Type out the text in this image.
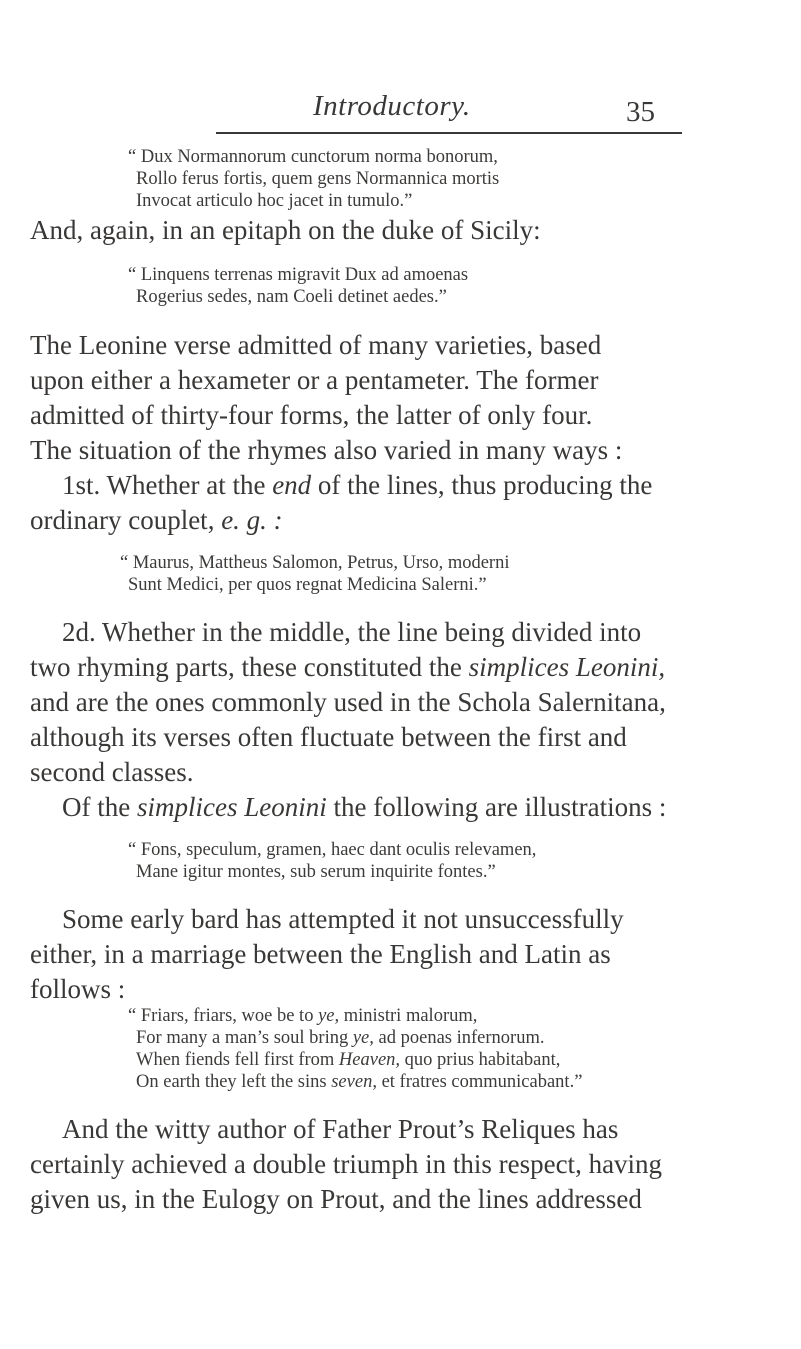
Introductory.	35
“ Dux Normannorum cunctorum norma bonorum,
Rollo ferus fortis, quem gens Normannica mortis
Invocat articulo hoc jacet in tumulo.”
And, again, in an epitaph on the duke of Sicily:
“ Linquens terrenas migravit Dux ad amoenas
Rogerius sedes, nam Coeli detinet aedes.”
The Leonine verse admitted of many varieties, based
upon either a hexameter or a pentameter. The former
admitted of thirty-four forms, the latter of only four.
The situation of the rhymes also varied in many ways :
1st. Whether at the end of the lines, thus producing the
ordinary couplet, e. g. :
“ Maurus, Mattheus Salomon, Petrus, Urso, moderni
Sunt Medici, per quos regnat Medicina Salerni.”
2d. Whether in the middle, the line being divided into
two rhyming parts, these constituted the simplices Leonini,
and are the ones commonly used in the Schola Salernitana,
although its verses often fluctuate between the first and
second classes.
Of the simplices Leonini the following are illustrations :
“ Fons, speculum, gramen, haec dant oculis relevamen,
Mane igitur montes, sub serum inquirite fontes.”
Some early bard has attempted it not unsuccessfully
either, in a marriage between the English and Latin as
follows :
“ Friars, friars, woe be to ye, ministri malorum,
For many a man’s soul bring ye, ad poenas infernorum.
When fiends fell first from Heaven, quo prius habitabant,
On earth they left the sins seven, et fratres communicabant.”
And the witty author of Father Prout’s Reliques has
certainly achieved a double triumph in this respect, having
given us, in the Eulogy on Prout, and the lines addressed
